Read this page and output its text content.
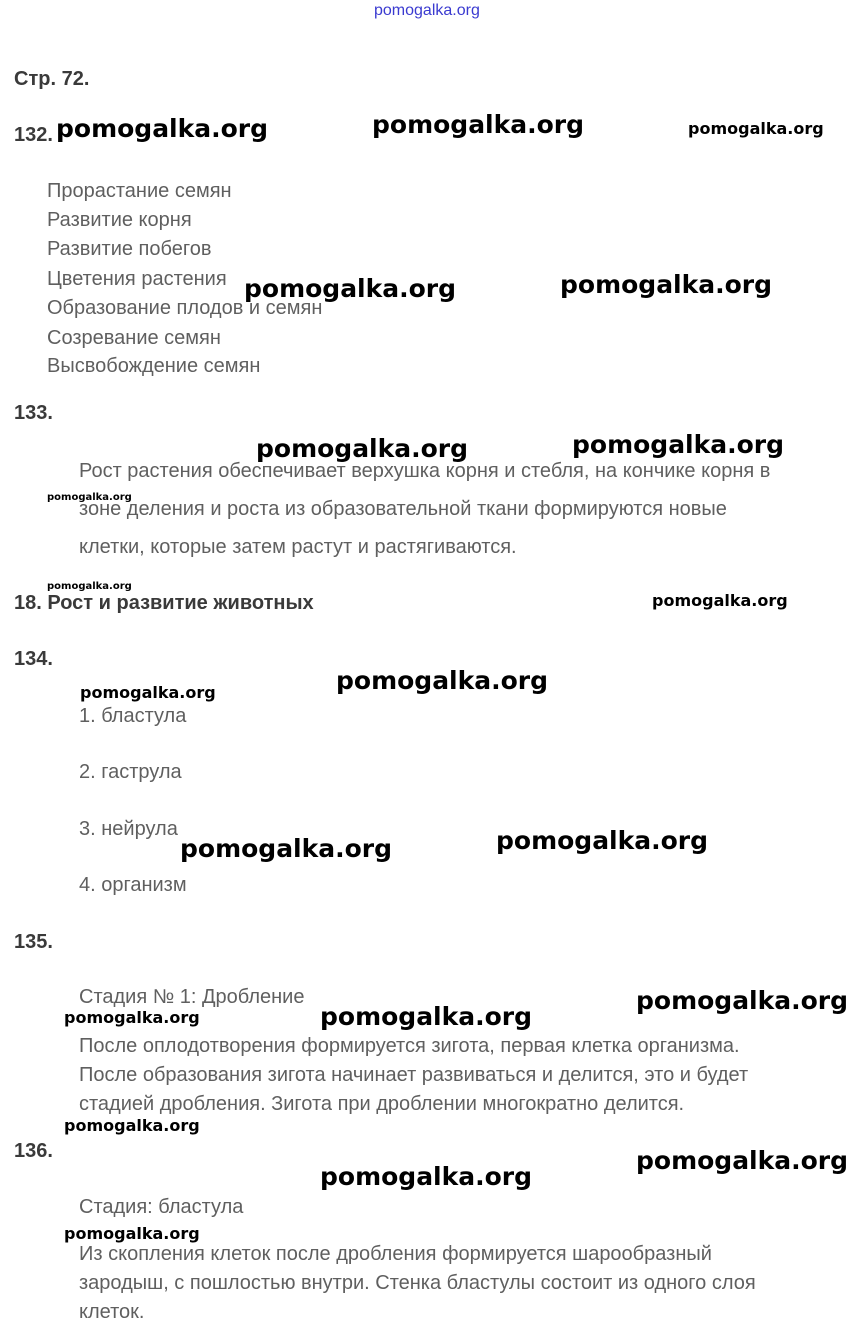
pomogalka.org
Стр. 72.
132.
Прорастание семян
Развитие корня
Развитие побегов
Цветения растения
Образование плодов и семян
Созревание семян
Высвобождение семян
133.
Рост растения обеспечивает верхушка корня и стебля, на кончике корня в
зоне деления и роста из образовательной ткани формируются новые
клетки, которые затем растут и растягиваются.
18. Рост и развитие животных
134.
1. бластула
2. гаструла
3. нейрула
4. организм
135.
Стадия № 1: Дробление
После оплодотворения формируется зигота, первая клетка организма.
После образования зигота начинает развиваться и делится, это и будет
стадией дробления. Зигота при дроблении многократно делится.
136.
Стадия: бластула
Из скопления клеток после дробления формируется шарообразный
зародыш, с пошлостью внутри. Стенка бластулы состоит из одного слоя
клеток.
pomogalka.org	pomogalka.org	pomogalka.org
pomogalka.org	pomogalka.org
pomogalka.org	pomogalka.org
pomogalka.org
pomogalka.org
pomogalka.org
pomogalka.org
pomogalka.org
pomogalka.org
pomogalka.org
pomogalka.org
pomogalka.org
pomogalka.org
pomogalka.org
pomogalka.org
pomogalka.org
pomogalka.org
